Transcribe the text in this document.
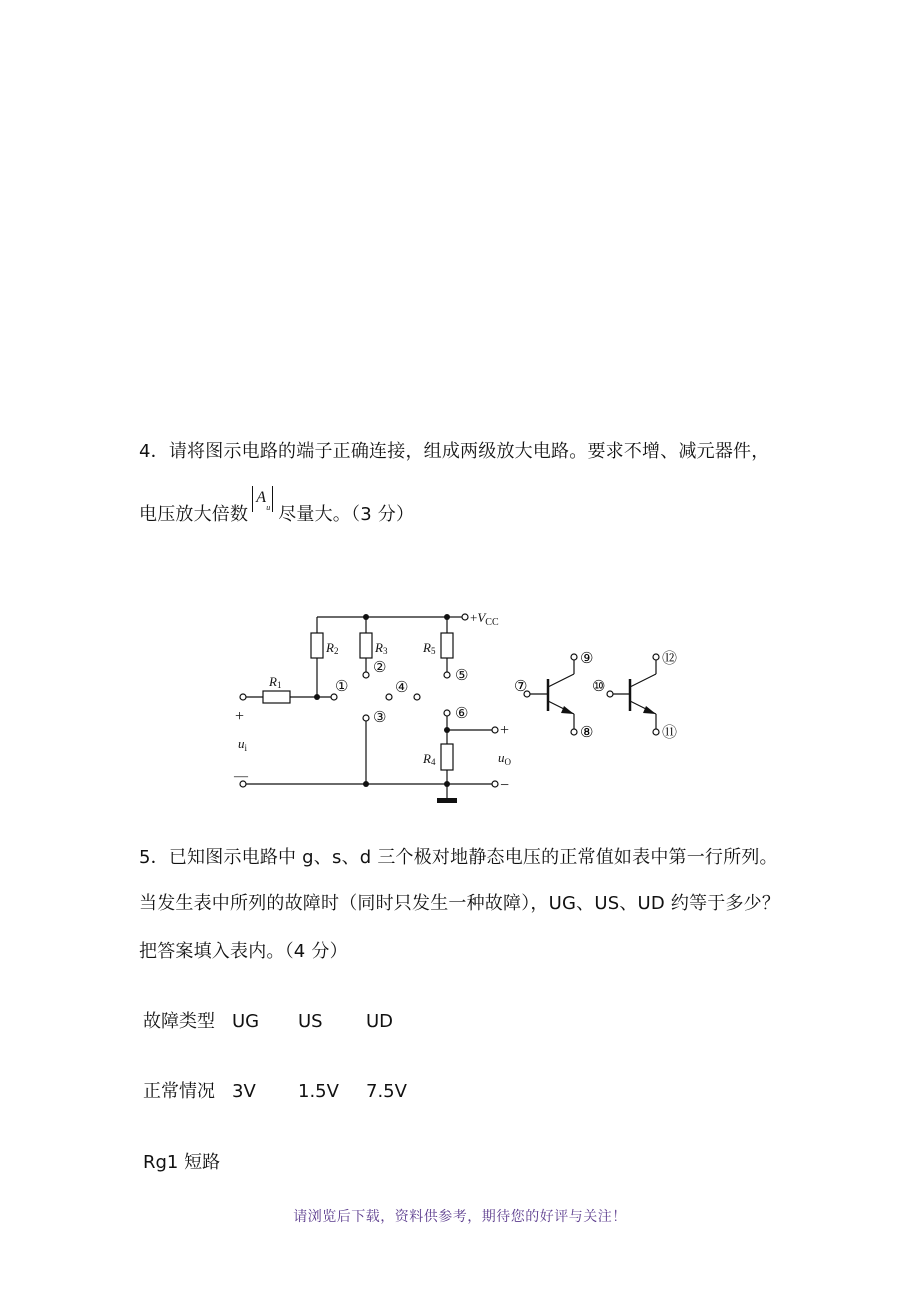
4．请将图示电路的端子正确连接，组成两级放大电路。要求不增、减元器件，
电压放大倍数
A
u 尽量大。（3 分）
$+V_{CC}$
R1
R2	R3	R5
R4
$u_i$
$u_O$
+
—
+
−
①
②
③
④
⑤
⑥
⑦
⑧
⑨
⑩
⑪
⑫
5．已知图示电路中 g、s、d 三个极对地静态电压的正常值如表中第一行所列。
当发生表中所列的故障时（同时只发生一种故障），UG、US、UD 约等于多少？
把答案填入表内。（4 分）
故障类型 UG US UD
正常情况 3V 1.5V 7.5V
Rg1 短路
请浏览后下载，资料供参考，期待您的好评与关注！
